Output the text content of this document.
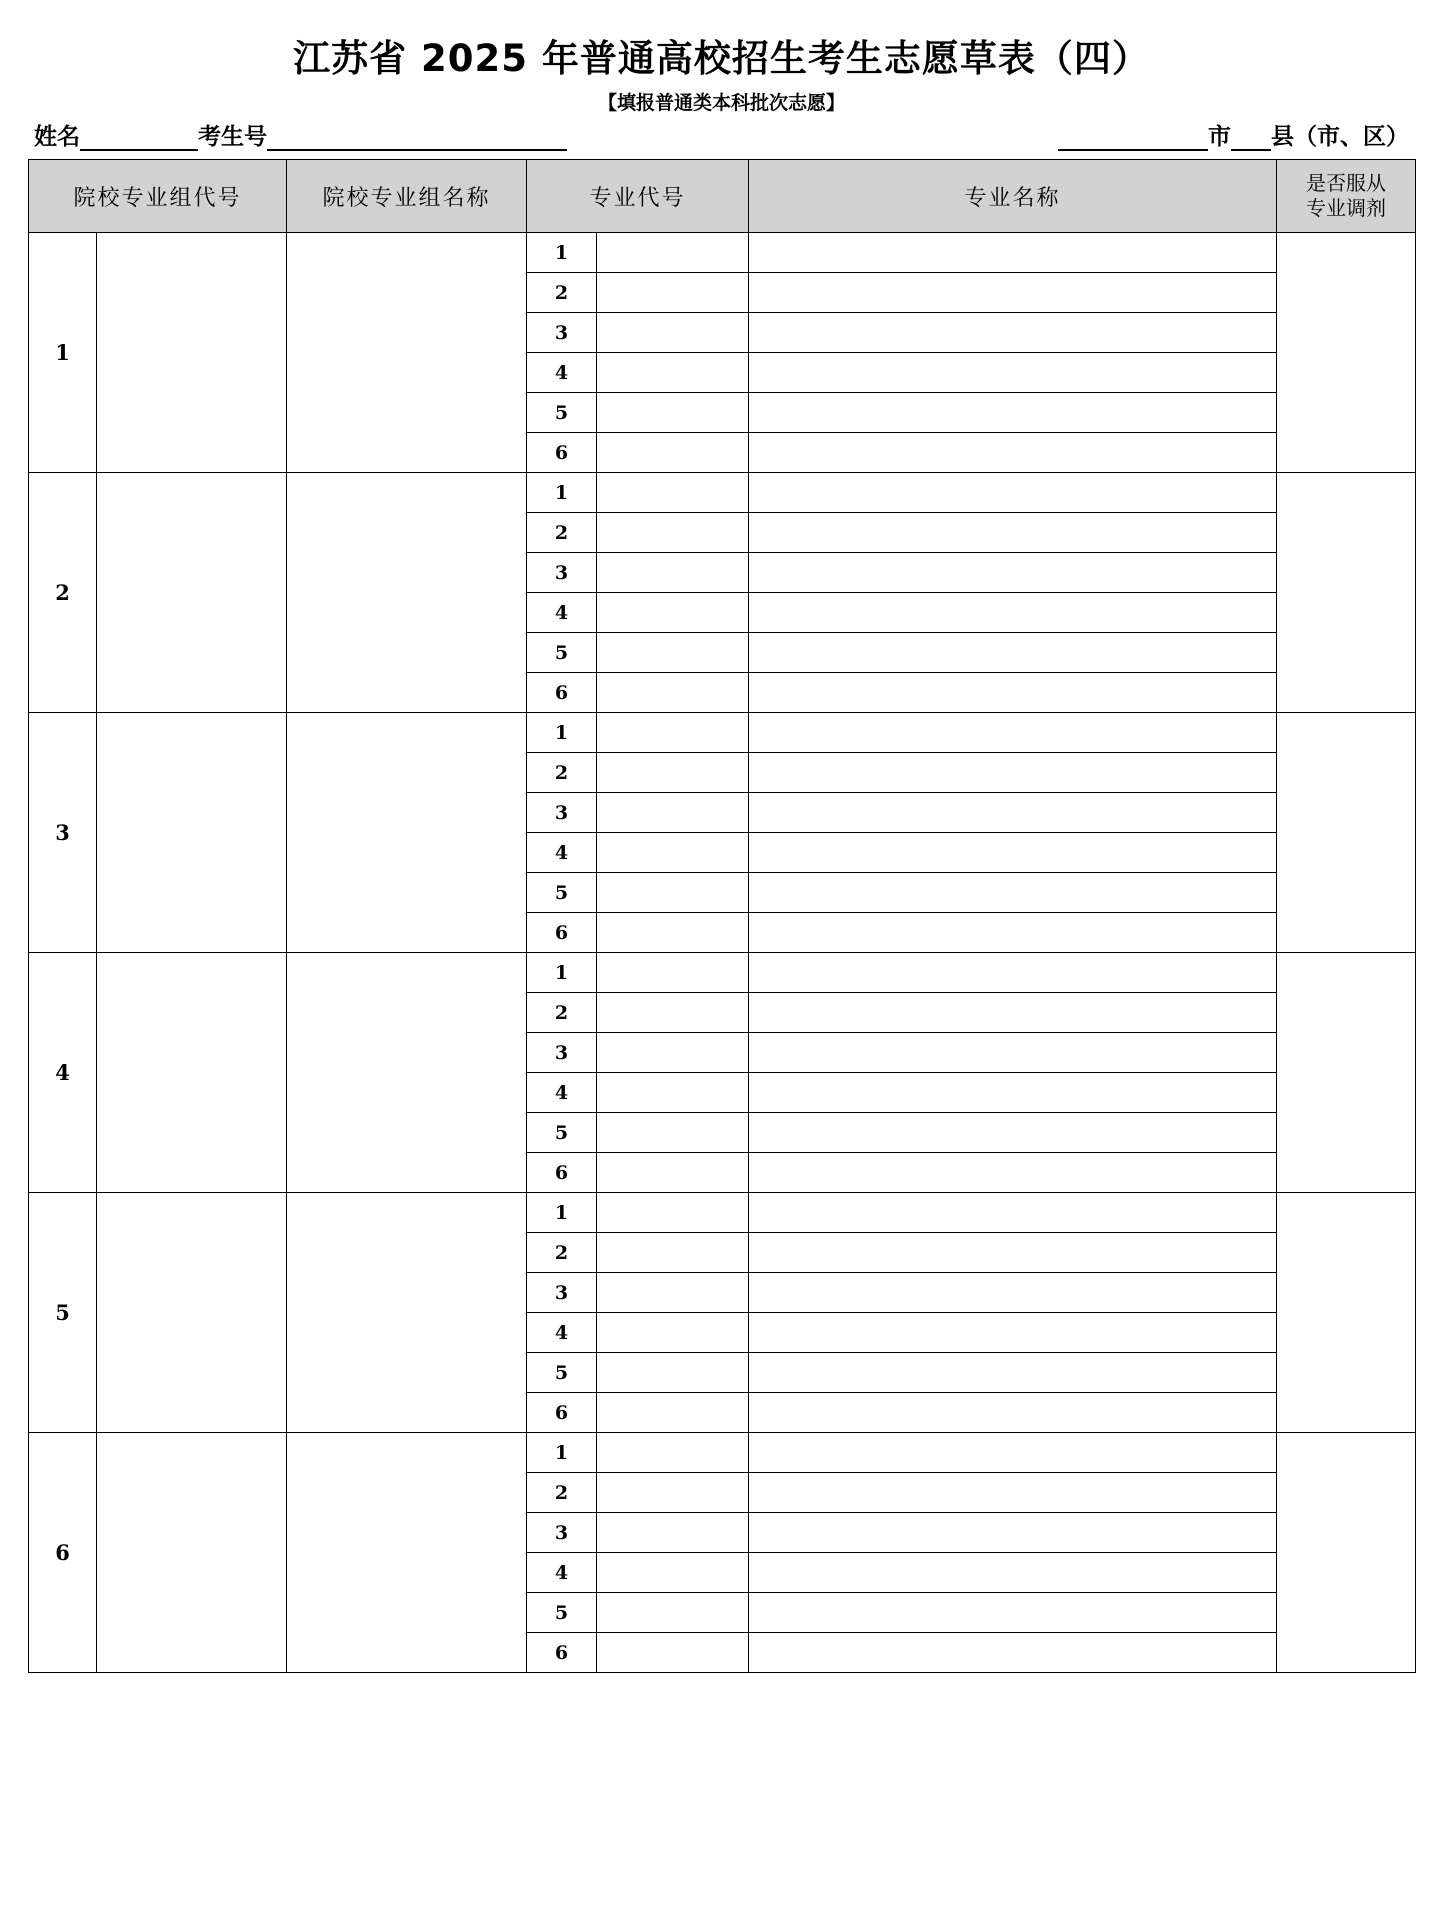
江苏省 2025 年普通高校招生考生志愿草表（四）
【填报普通类本科批次志愿】
姓名	考生号	市 县（市、区）
院校专业组代号		院校专业组名称	专业代号		专业名称	是否服从
专业调剂

1			1			
			2			
			3			
			4			
			5			
			6			
2			1			
			2			
			3			
			4			
			5			
			6			
3			1			
			2			
			3			
			4			
			5			
			6			
4			1			
			2			
			3			
			4			
			5			
			6			
5			1			
			2			
			3			
			4			
			5			
			6			
6			1			
			2			
			3			
			4			
			5			
			6			
